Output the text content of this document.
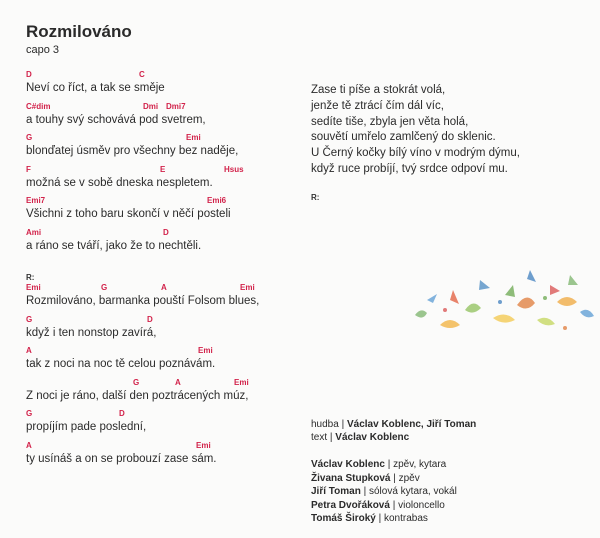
Rozmilováno
capo 3
D	C
Neví co říct, a tak se směje
C#dim	Dmi Dmi7
a touhy svý schovává pod svetrem,
G	Emi
blonďatej úsměv pro všechny bez naděje,
F	E	Hsus
možná se v sobě dneska nespletem.
Emi7	Emi6
Všichni z toho baru skončí v něčí posteli
Ami	D
a ráno se tváří, jako že to nechtěli.
R:
Emi	G	A	Emi
Rozmilováno, barmanka pouští Folsom blues,
G	D
když i ten nonstop zavírá,
A	Emi
tak z noci na noc tě celou poznávám.
G	A	Emi
Z noci je ráno, další den poztrácených múz,
G	D
propíjím pade poslední,
A	Emi
ty usínáš a on se probouzí zase sám.
Zase ti píše a stokrát volá,
jenže tě ztrácí čím dál víc,
sedíte tiše, zbyla jen věta holá,
souvětí umřelo zamlčený do sklenic.
U Černý kočky bílý víno v modrým dýmu,
když ruce probíjí, tvý srdce odpoví mu.
R:
hudba | Václav Koblenc, Jiří Toman
text | Václav Koblenc
Václav Koblenc | zpěv, kytara
Živana Stupková | zpěv
Jiří Toman | sólová kytara, vokál
Petra Dvořáková | violoncello
Tomáš Široký | kontrabas
